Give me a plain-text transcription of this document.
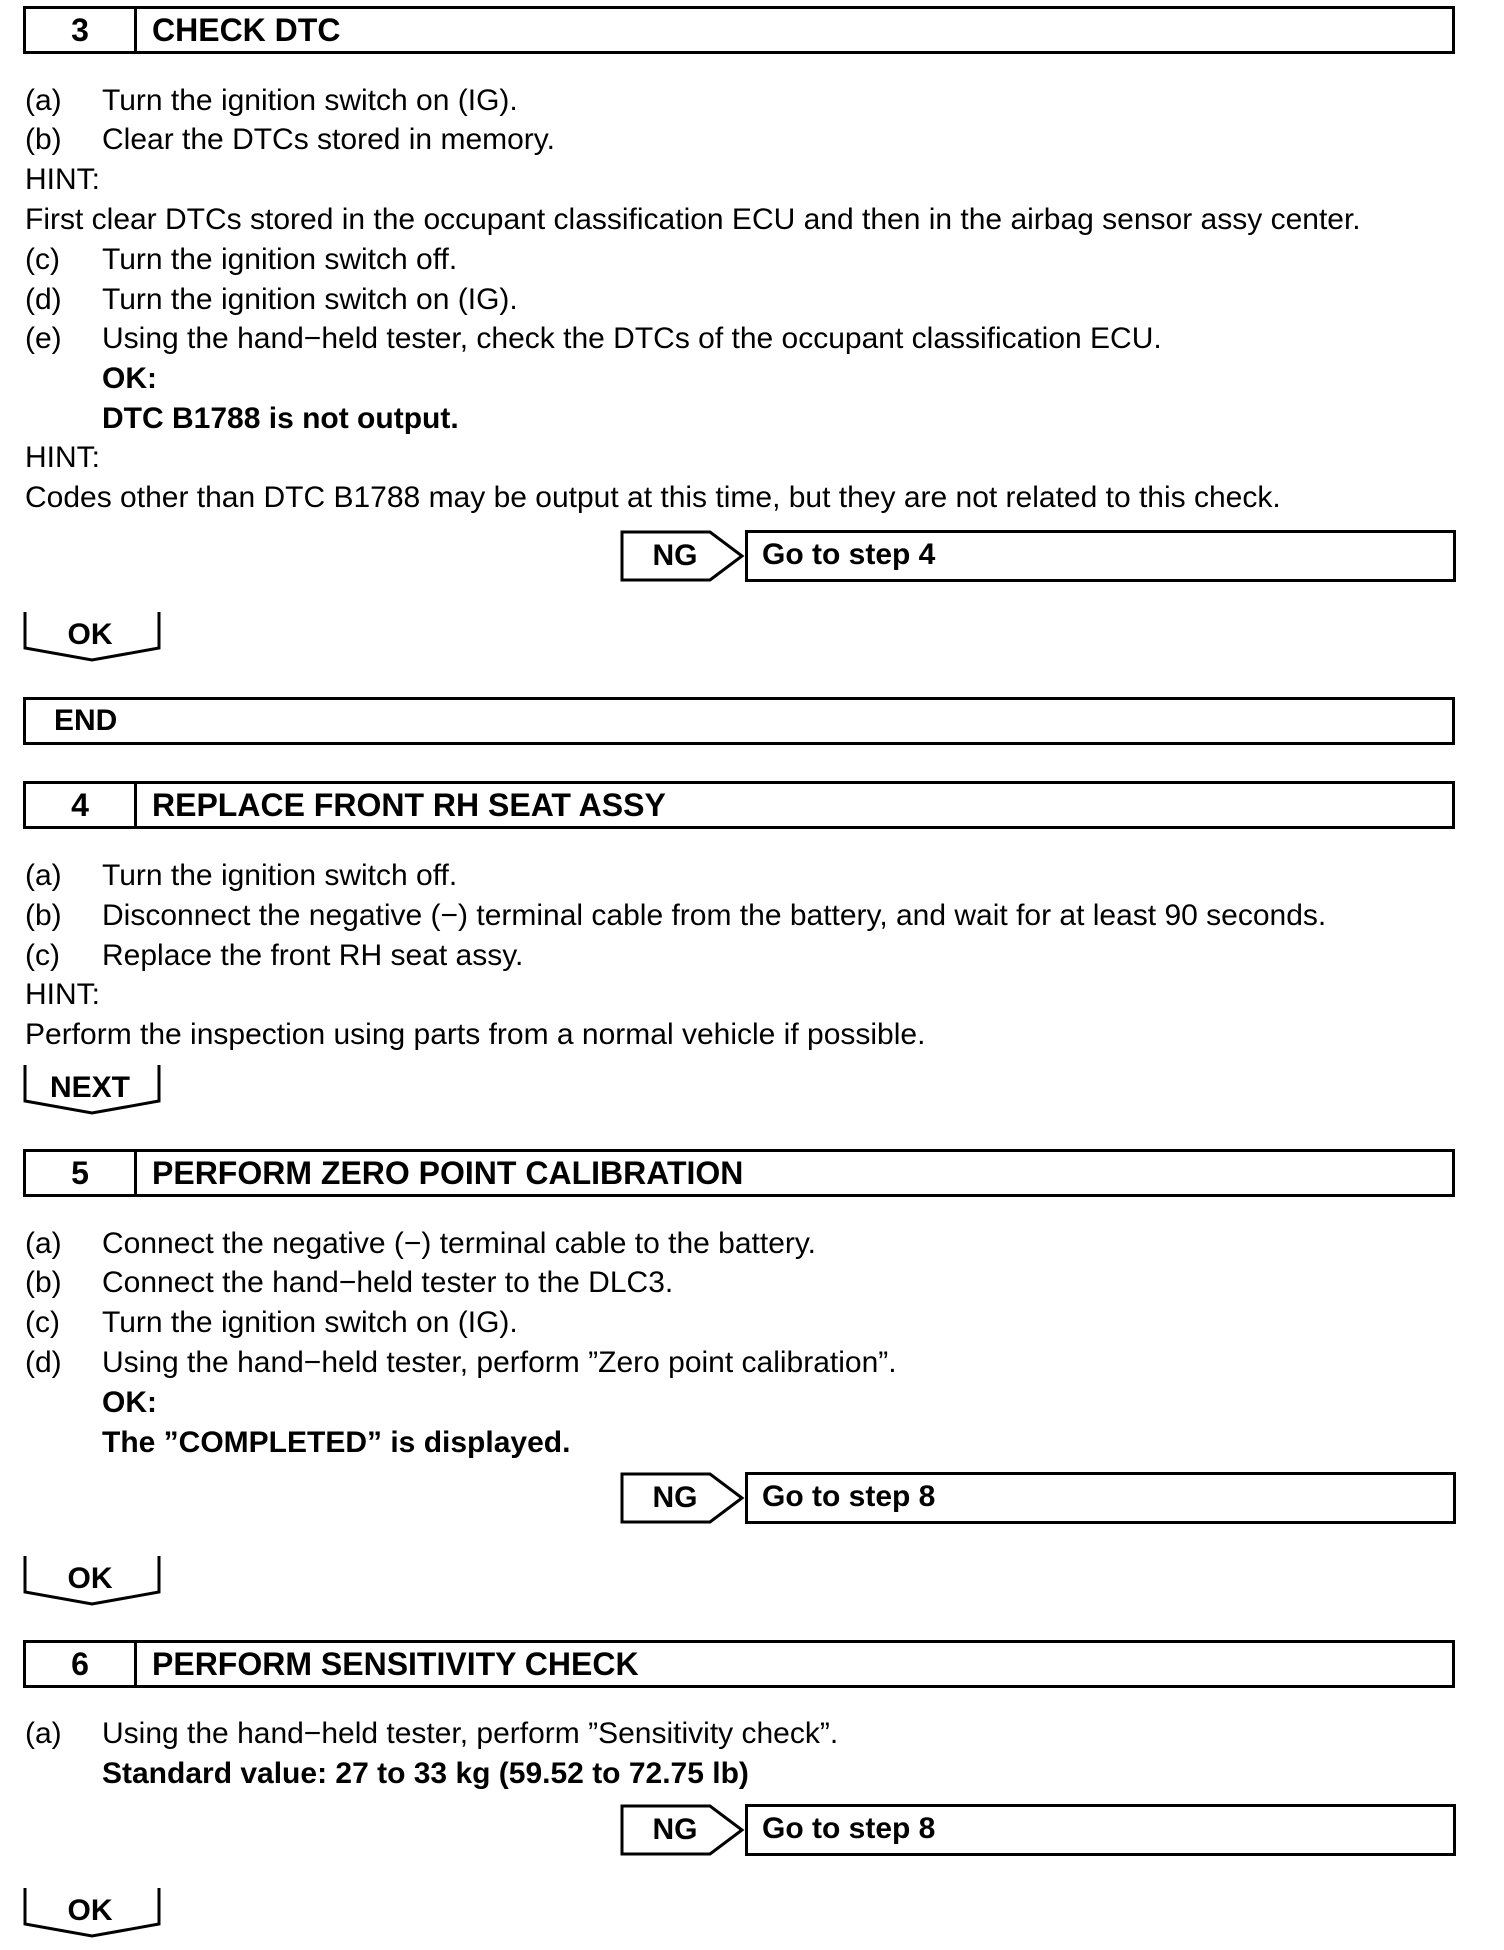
3	CHECK DTC
(a) Turn the ignition switch on (IG).
(b) Clear the DTCs stored in memory.
HINT:
First clear DTCs stored in the occupant classification ECU and then in the airbag sensor assy center.
(c) Turn the ignition switch off.
(d) Turn the ignition switch on (IG).
(e) Using the hand−held tester, check the DTCs of the occupant classification ECU.
OK:
DTC B1788 is not output.
HINT:
Codes other than DTC B1788 may be output at this time, but they are not related to this check.
NG	Go to step 4
OK
END
4	REPLACE FRONT RH SEAT ASSY
(a) Turn the ignition switch off.
(b) Disconnect the negative (−) terminal cable from the battery, and wait for at least 90 seconds.
(c) Replace the front RH seat assy.
HINT:
Perform the inspection using parts from a normal vehicle if possible.
NEXT
5	PERFORM ZERO POINT CALIBRATION
(a) Connect the negative (−) terminal cable to the battery.
(b) Connect the hand−held tester to the DLC3.
(c) Turn the ignition switch on (IG).
(d) Using the hand−held tester, perform ”Zero point calibration”.
OK:
The ”COMPLETED” is displayed.
NG	Go to step 8
OK
6	PERFORM SENSITIVITY CHECK
(a) Using the hand−held tester, perform ”Sensitivity check”.
Standard value: 27 to 33 kg (59.52 to 72.75 lb)
NG	Go to step 8
OK
